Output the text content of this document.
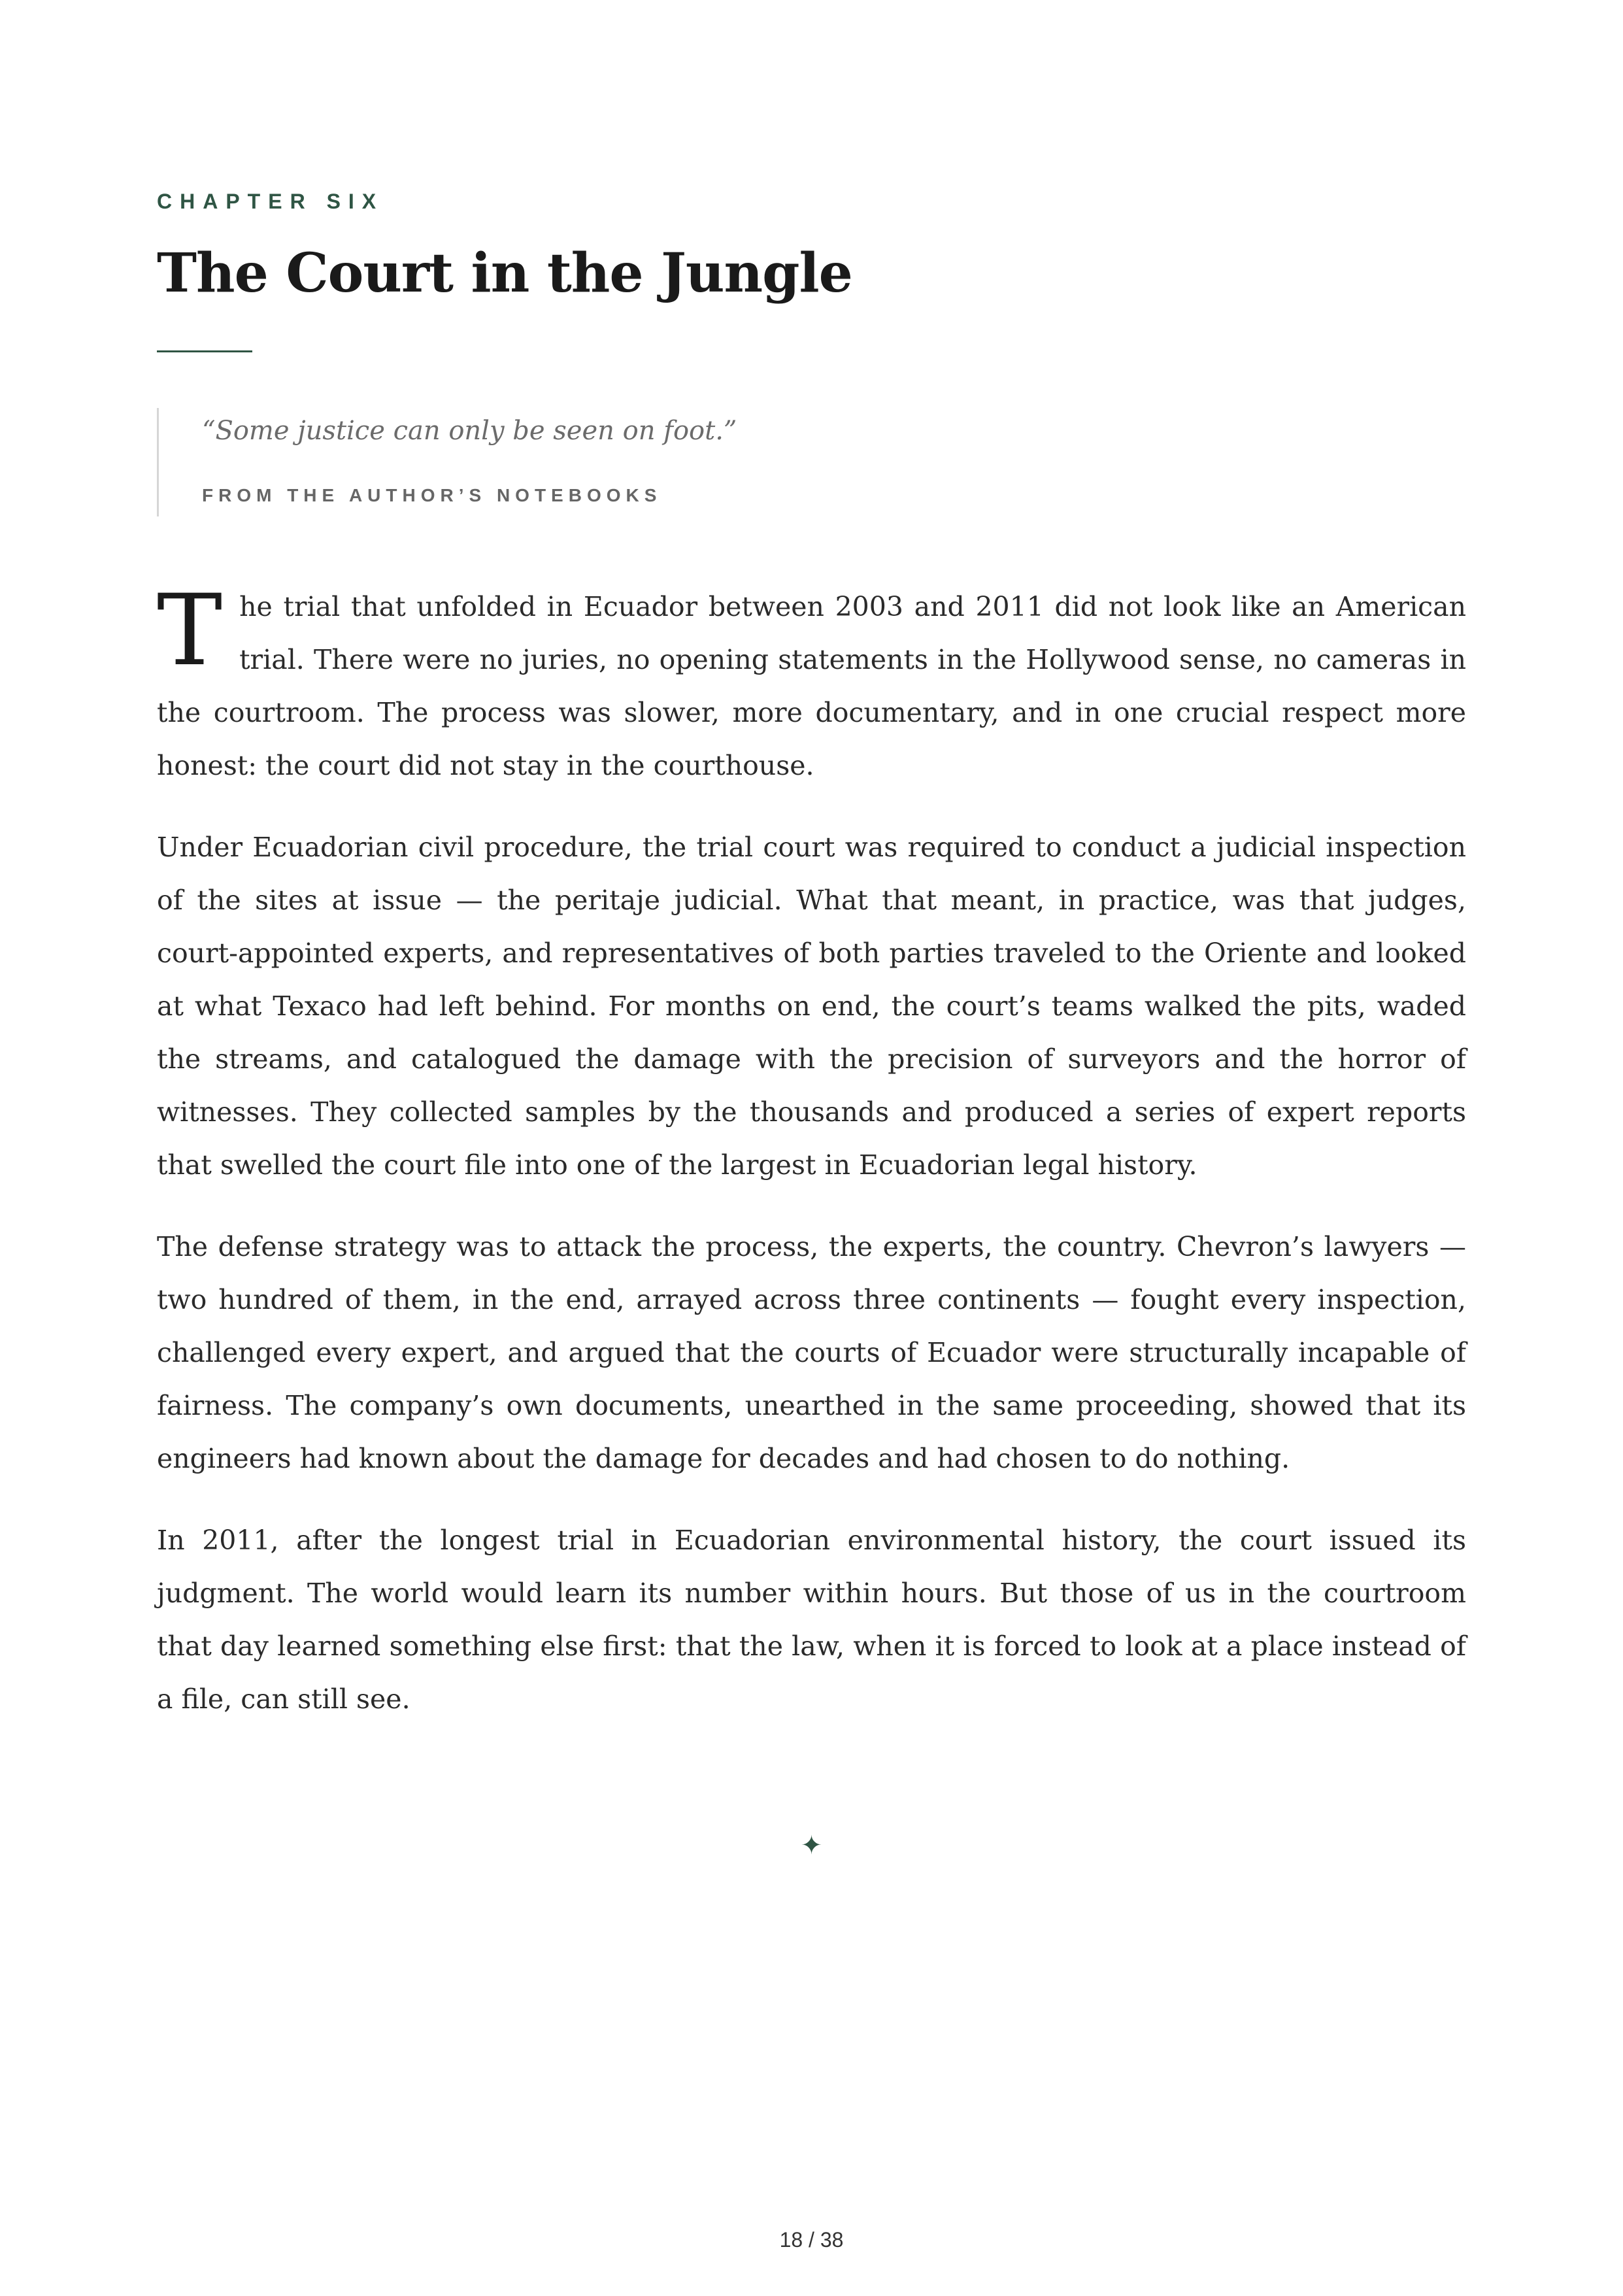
CHAPTER SIX

The Court in the Jungle

“Some justice can only be seen on foot.”

FROM THE AUTHOR’S NOTEBOOKS

The trial that unfolded in Ecuador between 2003 and 2011 did not look like an American trial. There were no juries, no opening statements in the Hollywood sense, no cameras in the courtroom. The process was slower, more documentary, and in one crucial respect more honest: the court did not stay in the courthouse.

Under Ecuadorian civil procedure, the trial court was required to conduct a judicial inspection of the sites at issue — the peritaje judicial. What that meant, in practice, was that judges, court-appointed experts, and representatives of both parties traveled to the Oriente and looked at what Texaco had left behind. For months on end, the court’s teams walked the pits, waded the streams, and catalogued the damage with the precision of surveyors and the horror of witnesses. They collected samples by the thousands and produced a series of expert reports that swelled the court file into one of the largest in Ecuadorian legal history.

The defense strategy was to attack the process, the experts, the country. Chevron’s lawyers — two hundred of them, in the end, arrayed across three continents — fought every inspection, challenged every expert, and argued that the courts of Ecuador were structurally incapable of fairness. The company’s own documents, unearthed in the same proceeding, showed that its engineers had known about the damage for decades and had chosen to do nothing.

In 2011, after the longest trial in Ecuadorian environmental history, the court issued its judgment. The world would learn its number within hours. But those of us in the courtroom that day learned something else first: that the law, when it is forced to look at a place instead of a file, can still see.

✦
18 / 38
